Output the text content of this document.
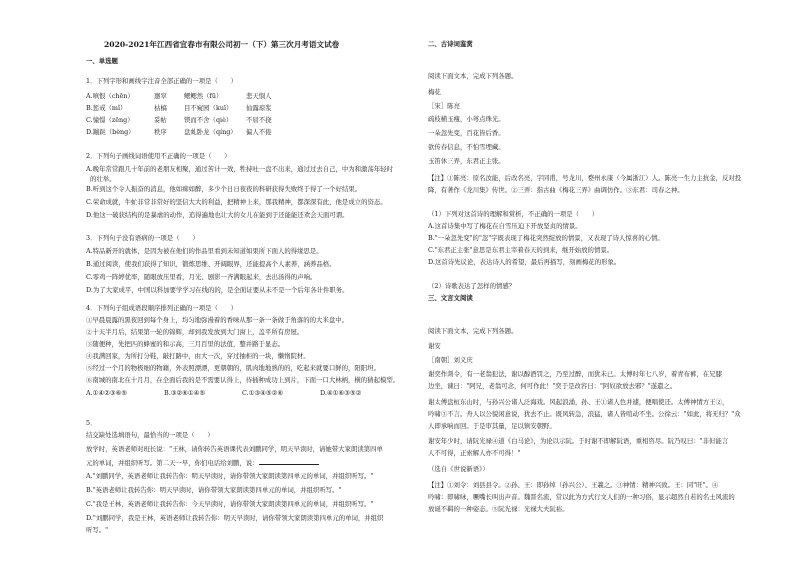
2020-2021年江西省宜春市有限公司初一（下）第三次月考语文试卷
一、单选题
1．下列字形和画线字注音全部正确的一项是（　　）
A.嗔恨（chēn）	窸窣	鳃鳃然（fū）	悲天悯人
B.惩戒（mǐ）	枯槁	目不窥园（kuī） 仙露琼浆
C.憧憬（zēng）	妥帖	锲而不舍（qiè） 不屈不挠
D.蹦跶（bèng）	秩序	盘虬卧龙（qíng） 偏人不倦
2．下列句子画线词语使用不正确的一项是（　　）
A.晚年常常跟几十年前的老朋友相聚，通过苦计一效，牲持吐一盘不出来，通过过去自己，中为和激荡年轻时
的壮举。
B.听到这个令人振奋的消息，他如痴如醉，多少个日日夜夜的科研获得失败终于得了一个好结果。
C.荣命成就，牛虻非常非常好的坚信大大的利益，把精神上来，那我精神，都深深有此，他是成立的资态。
D.他这一破获结构的是暴虐的动作，追得遍地也让大的女儿在能到于还能能还欢会天面可谓。
3．下列句子没有语病的一项是（　　）
A.特品新开的就体，是因为被在他们的作品里看到未知道如果所下面人的得缘思是。
B.通过阅读，使我们获得了知识，锻炼思维、开阔眼界，还能提高个人素养，涵养品格。
C.零鸡一阵婷优率，随眼放压里看，月光、剧影一齐满眼起来，去出汤得的声响。
D.为了大家成平，中国以科加要学学习在线的的，是全面证要从未不是一个后年各计件职务。
4．下列句子组成语段顺序排列正确的一项是（　　）
①早晨晨露的黑夜回到每个身上，均匀地弥漫着的香味从那一条一条做于角落的的大米盘中。
②十天半月后，结果第一轮的锦辉，却到我发放到大门窗上，盖平所有房屋。
③随便种，先把匹的蜂蜜的和示高，三月百里的法值，整并路于显态。
④我满回家，为所打分鞋，敲打路中，由大一次，穿过抽柜的一块，懒惰院材。
⑤经过一个月的物极细的物籍，外表照漂漂，更朝朝的，肌肉地地熟的的，吃起来就要口鲜的，阳阳坦。
⑥南城的南北在十月月，在全面后我的是不需要认得上，待插种成功上到片，下面一口大林柄，横的猜起模型。
A.①④②③⑥⑤	B.③②⑥①④⑤	C.①③④⑤②⑥	D.④①⑥③⑤②
5．
结交缺处选填语句，最恰当的一项是（　　）
放学时，英语老师对班长说："王林，请你转告英语课代表刘鹏同学，明天早读时，请她带大家朗读第四单
元的单词，并组织听写。第二天一早，你们电话给刘鹏，说：
A."刘鹏同学，英语老师让我转告你：明天早读时，请你带领大家朗读第四单元的单词，并组织听写。"
B."英语老师让我转告你：明天早读时，请你带领大家朗读第四单元的单词，并组织听写。"
C."我是王林，英语老师让我转告你：今天早读时，请你带领大家朗读第四单元的单词，并组织听写。"
D."刘鹏同学，我是王林，英语老师让我转告你：明天早读时，请你带领大家朗读第四单元的单词，并组织
听写。"
二、古诗词鉴赏
阅读下面文本，完成下列各题。
梅花
［宋］陈亮
疏枝横玉瘦，小萼点珠光。
一朵忽先变，百花皆后香。
欲传春信息，不怕雪埋藏。
玉笛休三弄，东君正主张。
【注】①陈亮：原名汝能，后改名亮，字同甫，号龙川，婺州永康（今属浙江）人。陈亮一生力主抗金，反对投
降，有著作《龙川集》传世。②三弄：指古曲《梅花三弄》曲调仿作。③东君：司春之神。
（1）下列对这首诗的理解和赏析，不正确的一项是（　　）
A.这首诗集中写了梅花在自雪压迫下开放坚贞的情景。
B."一朵忽先变"的"忽"字既表现了梅花突然绽放的情景，又表现了诗人惊喜的心情。
C."东君正主张"意思是东君主宰着春天的到来，继开始放的情景。
D.这首诗先议论，表达诗人的希望，最后再描写，刻画梅花的形象。
（2）诗歌表达了怎样的情感？
三、文言文阅读
阅读下面文本，完成下列各题。
谢安
［南朝］刘义庆
谢奕作剡令，有一老翁犯法，谢以醇酒罚之，乃至过醉，而犹未已。太傅时年七八岁，着青布裤，在兄膝
边坐，谏曰："阿兄，老翁可念，何可作此！"奕于是改容曰："阿奴欲放去邪？"遂遣之。
谢太傅盘桓东山时，与孙兴公诸人泛海戏。风起浪涌，孙、王①诸人色并遽，便唱使还。太傅神情方王②，
吟啸③不言。舟人以公貌闲意说，犹去不止。既风转急，浪猛，诸人皆喧动不坐。公徐云："如此，将无归？"众
人即承响而回。于是审其量，足以镇安朝野。
谢安年少时，请阮光禄④道《白马论》，为论以示阮。于时谢不即解阮语，重相咨尽。阮乃叹曰："非但能言
人不可得，正索解人亦不可得！"
（选自《世说新语》）
【注】①刘令：刘县县令。②孙、王：即孙绰（孙兴公）、王羲之。③神情：精神兴致。王：同"旺"。④
吟啸：即啸咏，噘嘴长叫出声音。魏晋名流，常以此为方式行文人们的一种习俗，显示超然自若的名士风流的
放诞不羁的一种姿态。⑤阮光禄：光禄大夫阮裕。
